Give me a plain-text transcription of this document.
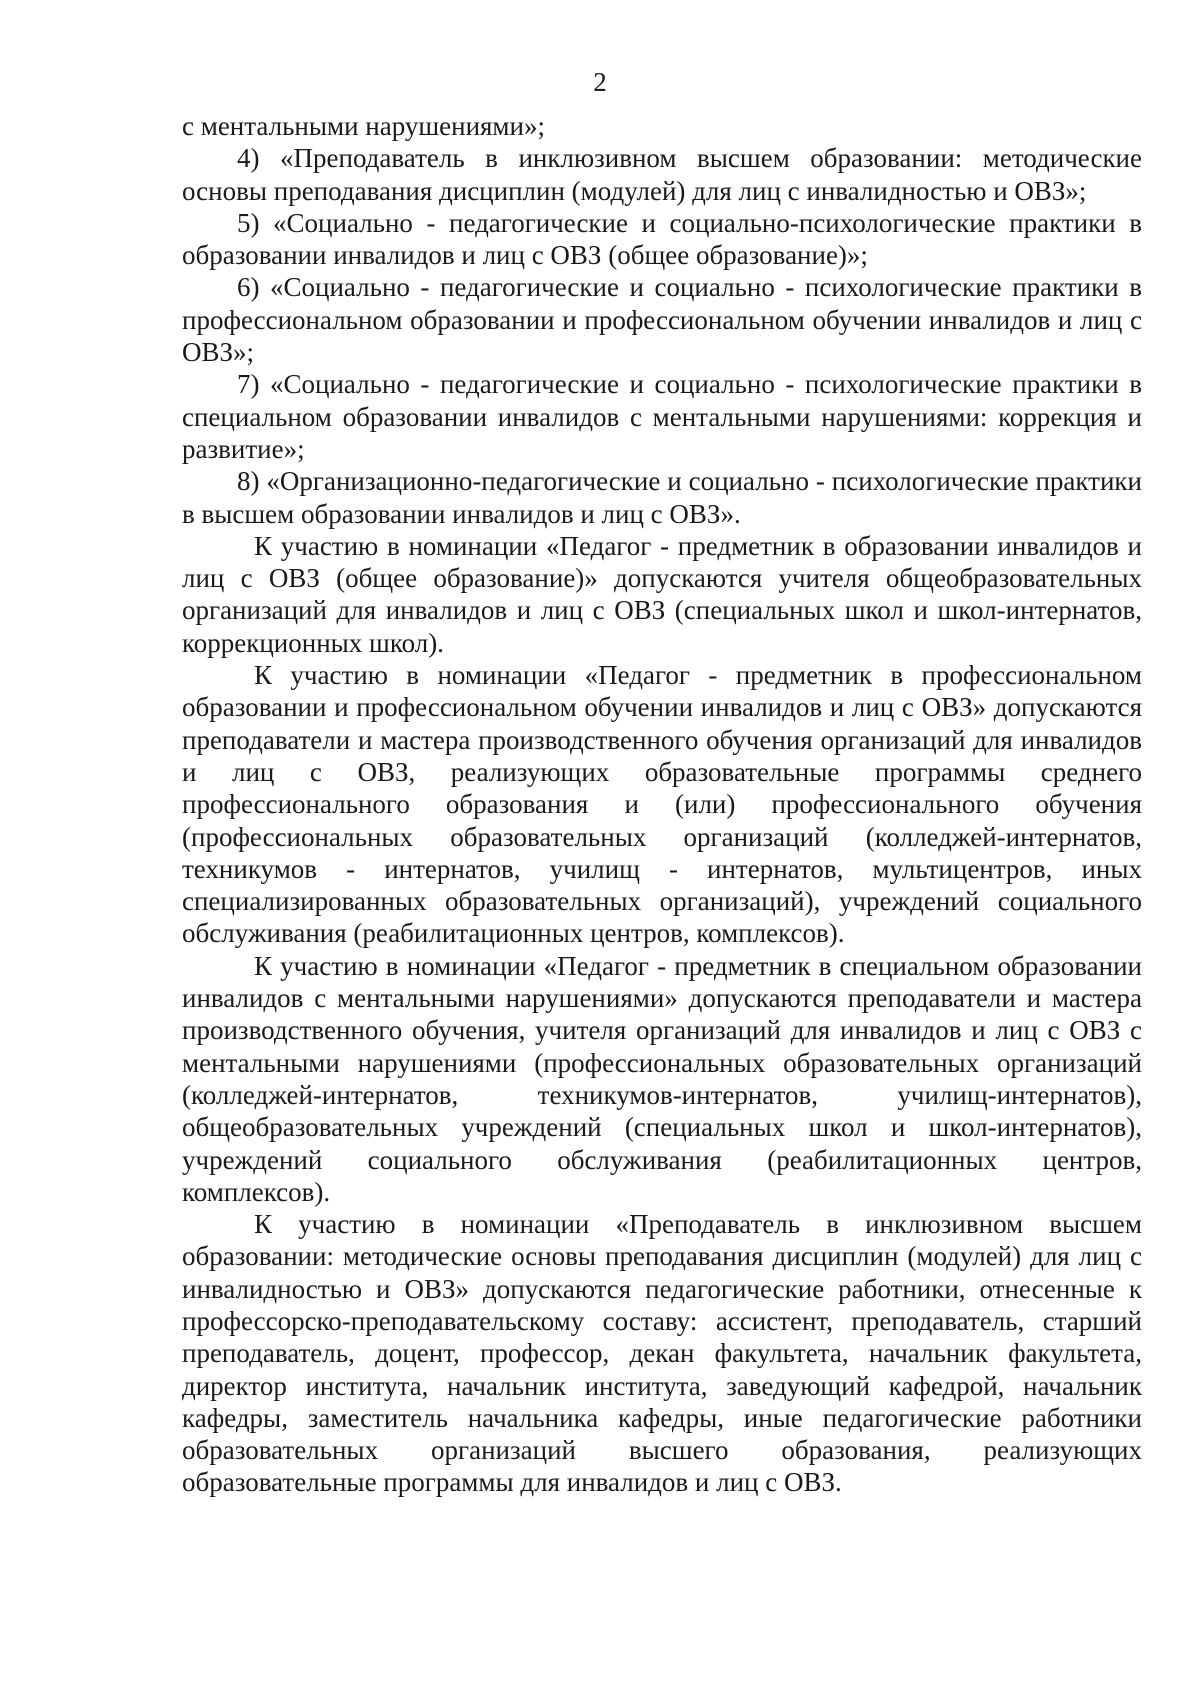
2

с ментальными нарушениями»;

4) «Преподаватель в инклюзивном высшем образовании: методические основы преподавания дисциплин (модулей) для лиц с инвалидностью и ОВЗ»;

5) «Социально - педагогические и социально-психологические практики в образовании инвалидов и лиц с ОВЗ (общее образование)»;

6) «Социально - педагогические и социально - психологические практики в профессиональном образовании и профессиональном обучении инвалидов и лиц с ОВЗ»;

7) «Социально - педагогические и социально - психологические практики в специальном образовании инвалидов с ментальными нарушениями: коррекция и развитие»;

8) «Организационно-педагогические и социально - психологические практики в высшем образовании инвалидов и лиц с ОВЗ».

К участию в номинации «Педагог - предметник в образовании инвалидов и лиц с ОВЗ (общее образование)» допускаются учителя общеобразовательных организаций для инвалидов и лиц с ОВЗ (специальных школ и школ-интернатов, коррекционных школ).

К участию в номинации «Педагог - предметник в профессиональном образовании и профессиональном обучении инвалидов и лиц с ОВЗ» допускаются преподаватели и мастера производственного обучения организаций для инвалидов и лиц с ОВЗ, реализующих образовательные программы среднего профессионального образования и (или) профессионального обучения (профессиональных образовательных организаций (колледжей-интернатов, техникумов - интернатов, училищ - интернатов, мультицентров, иных специализированных образовательных организаций), учреждений социального обслуживания (реабилитационных центров, комплексов).

К участию в номинации «Педагог - предметник в специальном образовании инвалидов с ментальными нарушениями» допускаются преподаватели и мастера производственного обучения, учителя организаций для инвалидов и лиц с ОВЗ с ментальными нарушениями (профессиональных образовательных организаций (колледжей-интернатов, техникумов-интернатов, училищ-интернатов), общеобразовательных учреждений (специальных школ и школ-интернатов), учреждений социального обслуживания (реабилитационных центров, комплексов).

К участию в номинации «Преподаватель в инклюзивном высшем образовании: методические основы преподавания дисциплин (модулей) для лиц с инвалидностью и ОВЗ» допускаются педагогические работники, отнесенные к профессорско-преподавательскому составу: ассистент, преподаватель, старший преподаватель, доцент, профессор, декан факультета, начальник факультета, директор института, начальник института, заведующий кафедрой, начальник кафедры, заместитель начальника кафедры, иные педагогические работники образовательных организаций высшего образования, реализующих образовательные программы для инвалидов и лиц с ОВЗ.
